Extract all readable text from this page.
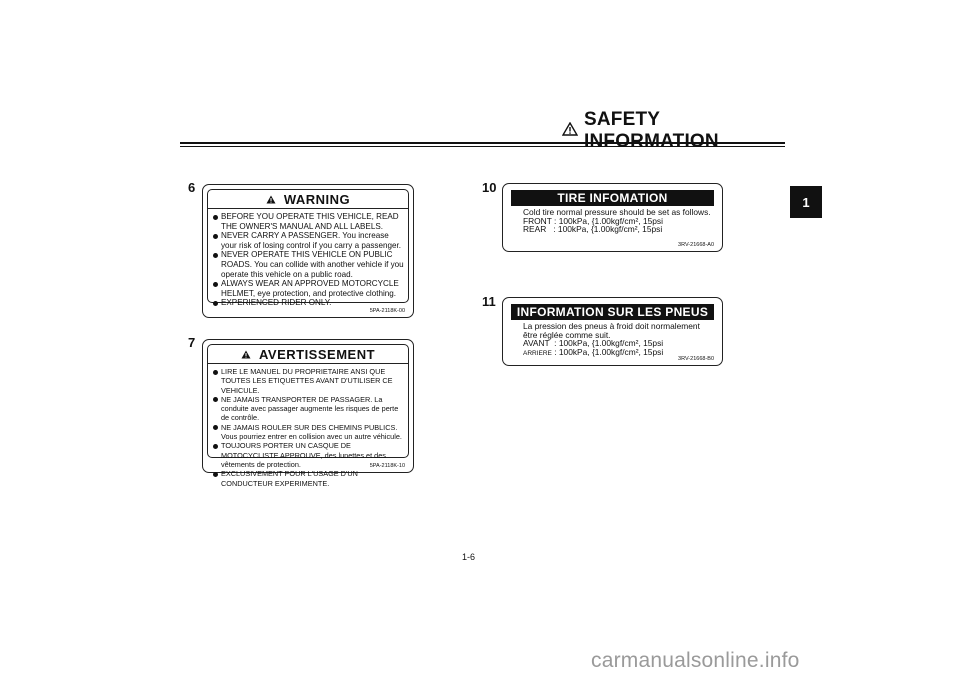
SAFETY INFORMATION
1
6
WARNING
BEFORE YOU OPERATE THIS VEHICLE, READ THE OWNER'S MANUAL AND ALL LABELS.
NEVER CARRY A PASSENGER. You increase your risk of losing control if you carry a passenger.
NEVER OPERATE THIS VEHICLE ON PUBLIC ROADS. You can collide with another vehicle if you operate this vehicle on a public road.
ALWAYS WEAR AN APPROVED MOTORCYCLE HELMET, eye protection, and protective clothing.
EXPERIENCED RIDER ONLY.
5PA-2118K-00
7
AVERTISSEMENT
LIRE LE MANUEL DU PROPRIETAIRE ANSI QUE TOUTES LES ETIQUETTES AVANT D'UTILISER CE VEHICULE.
NE JAMAIS TRANSPORTER DE PASSAGER. La conduite avec passager augmente les risques de perte de contrôle.
NE JAMAIS ROULER SUR DES CHEMINS PUBLICS. Vous pourriez entrer en collision avec un autre véhicule.
TOUJOURS PORTER UN CASQUE DE MOTOCYCLISTE APPROUVE, des lunettes et des vêtements de protection.
EXCLUSIVEMENT POUR L'USAGE D'UN CONDUCTEUR EXPERIMENTE.
5PA-2118K-10
10
TIRE INFOMATION
Cold tire normal pressure should be set as follows.
FRONT : 100kPa, {1.00kgf/cm², 15psi
REAR   : 100kPa, {1.00kgf/cm², 15psi
3RV-21668-A0
11
INFORMATION SUR LES PNEUS
La pression des pneus à froid doit normalement être réglée comme suit.
AVANT  : 100kPa, {1.00kgf/cm², 15psi
ARRIERE : 100kPa, {1.00kgf/cm², 15psi
3RV-21668-B0
1-6
carmanualsonline.info
